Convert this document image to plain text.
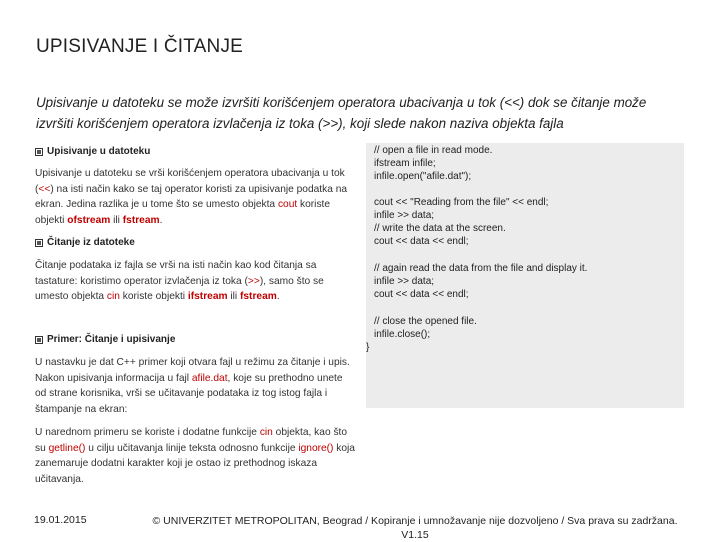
UPISIVANJE I ČITANJE
Upisivanje u datoteku se može izvršiti korišćenjem operatora ubacivanja u tok (<<) dok se čitanje može izvršiti korišćenjem operatora izvlačenja iz toka (>>), koji slede nakon naziva objekta fajla
Upisivanje u datoteku
Upisivanje u datoteku se vrši korišćenjem operatora ubacivanja u tok (<<) na isti način kako se taj operator koristi za upisivanje podatka na ekran. Jedina razlika je u tome što se umesto objekta cout koriste objekti ofstream ili fstream.
Čitanje iz datoteke
Čitanje podataka iz fajla se vrši na isti način kao kod čitanja sa tastature: koristimo operator izvlačenja iz toka (>>), samo što se umesto objekta cin koriste objekti ifstream ili fstream.
Primer: Čitanje i upisivanje
U nastavku je dat C++ primer koji otvara fajl u režimu za čitanje i upis. Nakon upisivanja informacija u fajl afile.dat, koje su prethodno unete od strane korisnika, vrši se učitavanje podataka iz tog istog fajla i štampanje na ekran:
U narednom primeru se koriste i dodatne funkcije cin objekta, kao što su getline() u cilju učitavanja linije teksta odnosno funkcije ignore() koja zanemaruje dodatni karakter koji je ostao iz prethodnog iskaza učitavanja.
// open a file in read mode.
ifstream infile;
infile.open("afile.dat");
cout << "Reading from the file" << endl;
infile >> data;
// write the data at the screen.
cout << data << endl;
// again read the data from the file and display it.
infile >> data;
cout << data << endl;
// close the opened file.
infile.close();
}
19.01.2015	© UNIVERZITET METROPOLITAN, Beograd / Kopiranje i umnožavanje nije dozvoljeno / Sva prava su zadržana. V1.15
